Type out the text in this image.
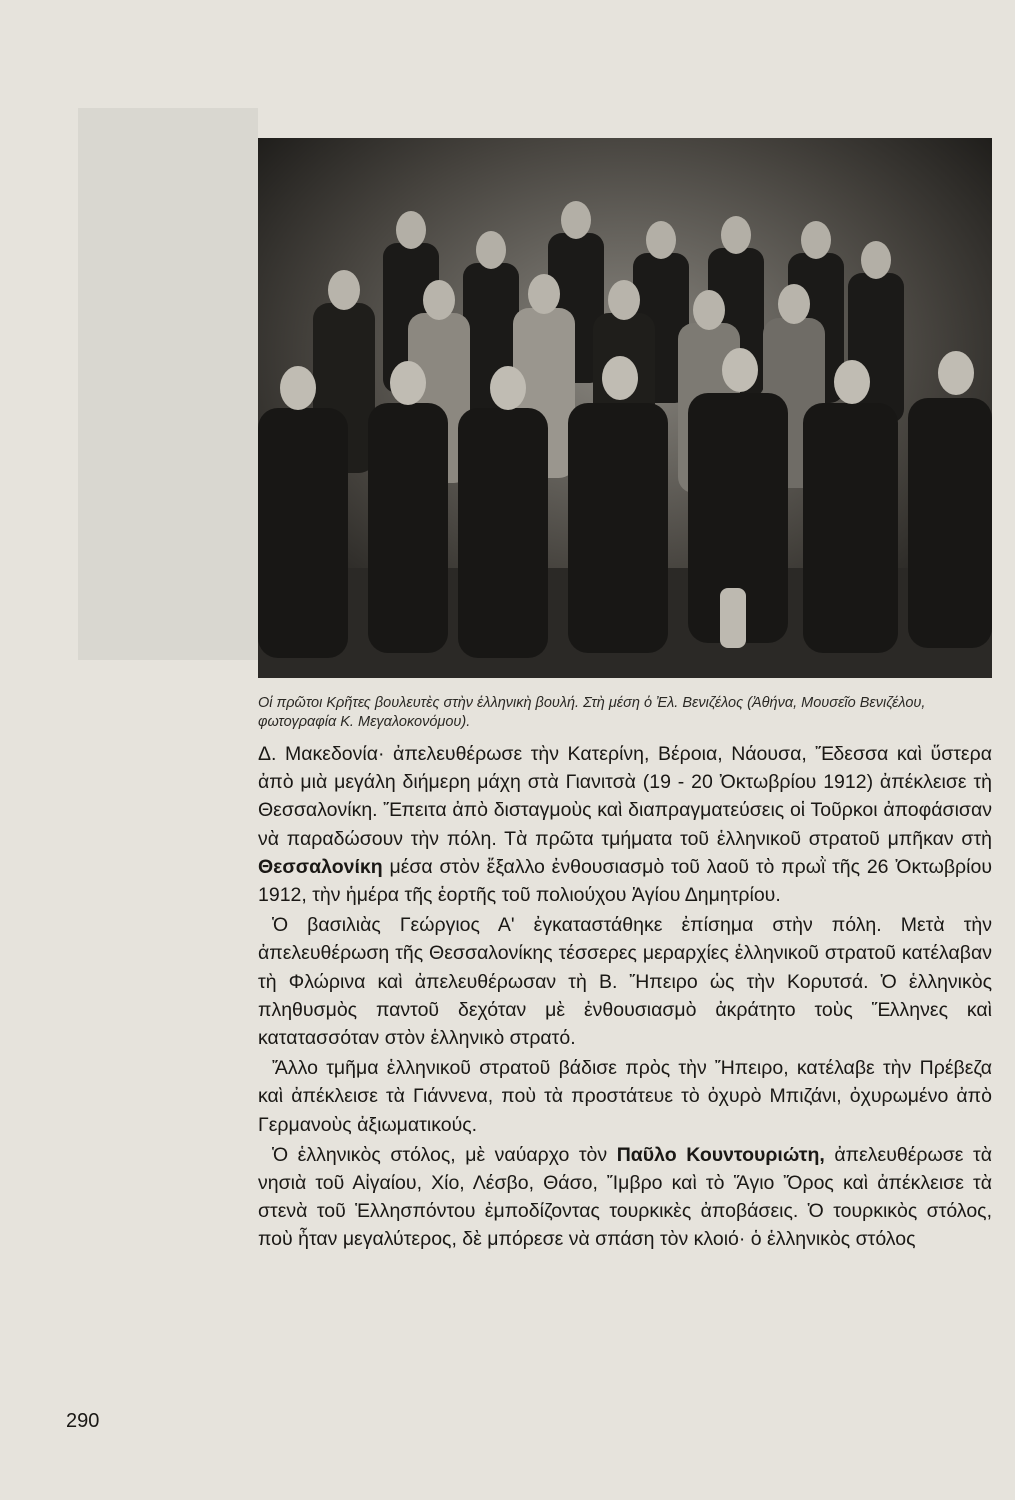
Οἱ πρῶτοι Κρῆτες βουλευτὲς στὴν ἑλληνικὴ βουλή. Στὴ μέση ὁ Ἐλ. Βενιζέλος (Ἀθήνα, Μουσεῖο Βενιζέλου, φωτογραφία Κ. Μεγαλοκονόμου).

Δ. Μακεδονία· ἀπελευθέρωσε τὴν Κατερίνη, Βέροια, Νάουσα, Ἔδεσσα καὶ ὕστερα ἀπὸ μιὰ μεγάλη διήμερη μάχη στὰ Γιανιτσὰ (19 - 20 Ὀκτωβρίου 1912) ἀπέκλεισε τὴ Θεσσαλονίκη. Ἔπειτα ἀπὸ δισταγμοὺς καὶ διαπραγματεύσεις οἱ Τοῦρκοι ἀποφάσισαν νὰ παραδώσουν τὴν πόλη. Τὰ πρῶτα τμήματα τοῦ ἑλληνικοῦ στρατοῦ μπῆκαν στὴ Θεσσαλονίκη μέσα στὸν ἔξαλλο ἐνθουσιασμὸ τοῦ λαοῦ τὸ πρωῒ τῆς 26 Ὀκτωβρίου 1912, τὴν ἡμέρα τῆς ἑορτῆς τοῦ πολιούχου Ἁγίου Δημητρίου.

Ὁ βασιλιὰς Γεώργιος Α' ἐγκαταστάθηκε ἐπίσημα στὴν πόλη. Μετὰ τὴν ἀπελευθέρωση τῆς Θεσσαλονίκης τέσσερες μεραρχίες ἑλληνικοῦ στρατοῦ κατέλαβαν τὴ Φλώρινα καὶ ἀπελευθέρωσαν τὴ Β. Ἤπειρο ὡς τὴν Κορυτσά. Ὁ ἑλληνικὸς πληθυσμὸς παντοῦ δεχόταν μὲ ἐνθουσιασμὸ ἀκράτητο τοὺς Ἕλληνες καὶ κατατασσόταν στὸν ἑλληνικὸ στρατό.

Ἄλλο τμῆμα ἑλληνικοῦ στρατοῦ βάδισε πρὸς τὴν Ἤπειρο, κατέλαβε τὴν Πρέβεζα καὶ ἀπέκλεισε τὰ Γιάννενα, ποὺ τὰ προστάτευε τὸ ὀχυρὸ Μπιζάνι, ὀχυρωμένο ἀπὸ Γερμανοὺς ἀξιωματικούς.

Ὁ ἑλληνικὸς στόλος, μὲ ναύαρχο τὸν Παῦλο Κουντουριώτη, ἀπελευθέρωσε τὰ νησιὰ τοῦ Αἰγαίου, Χίο, Λέσβο, Θάσο, Ἴμβρο καὶ τὸ Ἅγιο Ὄρος καὶ ἀπέκλεισε τὰ στενὰ τοῦ Ἑλλησπόντου ἐμποδίζοντας τουρκικὲς ἀποβάσεις. Ὁ τουρκικὸς στόλος, ποὺ ἦταν μεγαλύτερος, δὲ μπόρεσε νὰ σπάση τὸν κλοιό· ὁ ἑλληνικὸς στόλος

290
